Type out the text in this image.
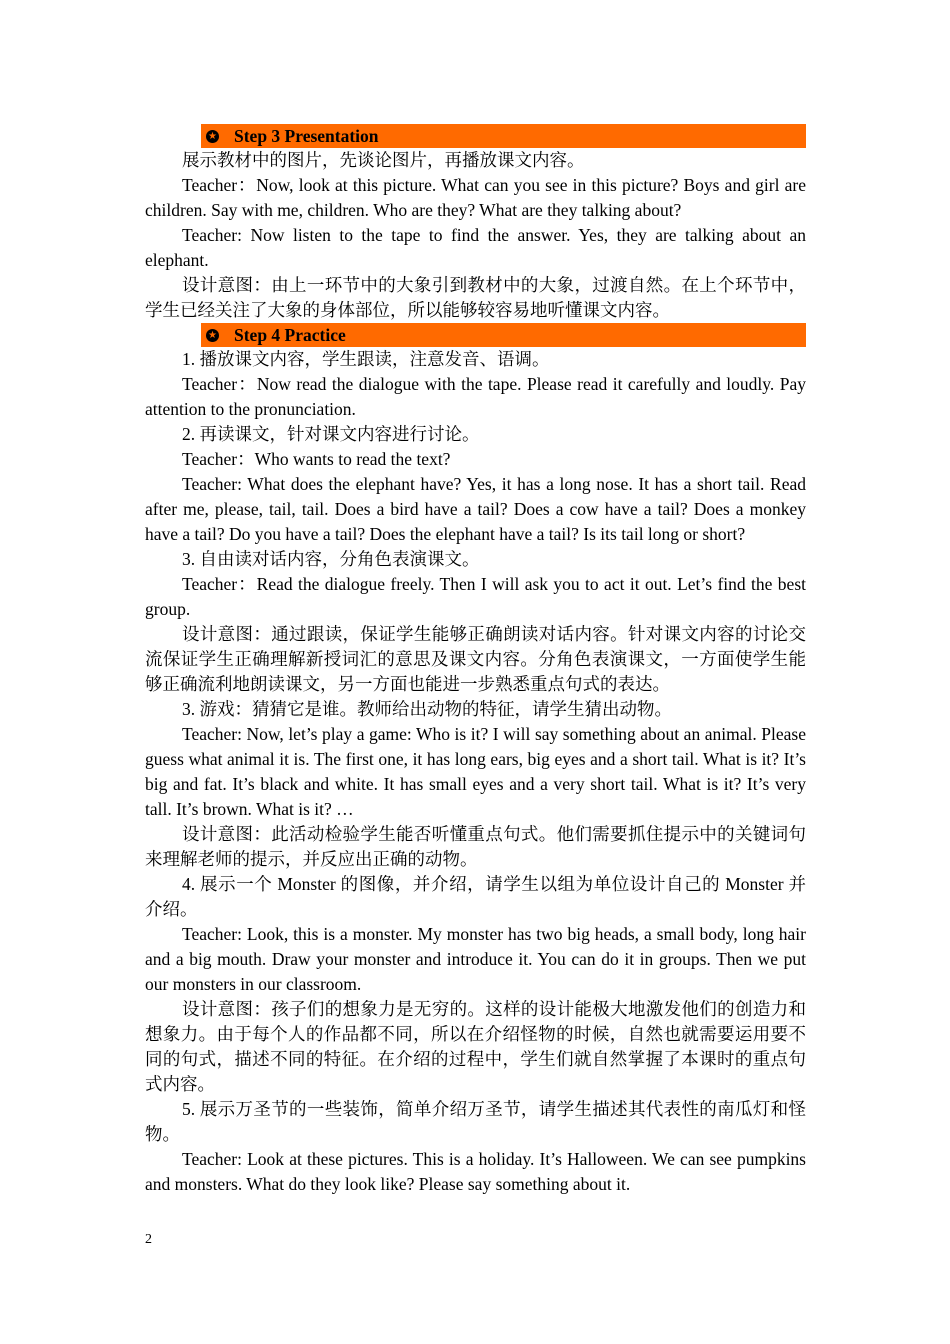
★ Step 3 Presentation

展示教材中的图片，先谈论图片，再播放课文内容。

Teacher：Now, look at this picture. What can you see in this picture? Boys and girl are children. Say with me, children. Who are they? What are they talking about?

Teacher: Now listen to the tape to find the answer. Yes, they are talking about an elephant.

设计意图：由上一环节中的大象引到教材中的大象，过渡自然。在上个环节中，学生已经关注了大象的身体部位，所以能够较容易地听懂课文内容。

★ Step 4 Practice

1. 播放课文内容，学生跟读，注意发音、语调。

Teacher：Now read the dialogue with the tape. Please read it carefully and loudly. Pay attention to the pronunciation.

2. 再读课文，针对课文内容进行讨论。

Teacher：Who wants to read the text?

Teacher: What does the elephant have? Yes, it has a long nose. It has a short tail. Read after me, please, tail, tail. Does a bird have a tail? Does a cow have a tail? Does a monkey have a tail? Do you have a tail? Does the elephant have a tail? Is its tail long or short?

3. 自由读对话内容，分角色表演课文。

Teacher：Read the dialogue freely. Then I will ask you to act it out. Let’s find the best group.

设计意图：通过跟读，保证学生能够正确朗读对话内容。针对课文内容的讨论交流保证学生正确理解新授词汇的意思及课文内容。分角色表演课文，一方面使学生能够正确流利地朗读课文，另一方面也能进一步熟悉重点句式的表达。

3. 游戏：猜猜它是谁。教师给出动物的特征，请学生猜出动物。

Teacher: Now, let’s play a game: Who is it? I will say something about an animal. Please guess what animal it is. The first one, it has long ears, big eyes and a short tail. What is it? It’s big and fat. It’s black and white. It has small eyes and a very short tail. What is it? It’s very tall. It’s brown. What is it? …

设计意图：此活动检验学生能否听懂重点句式。他们需要抓住提示中的关键词句来理解老师的提示，并反应出正确的动物。

4. 展示一个 Monster 的图像，并介绍，请学生以组为单位设计自己的 Monster 并介绍。

Teacher: Look, this is a monster. My monster has two big heads, a small body, long hair and a big mouth. Draw your monster and introduce it. You can do it in groups. Then we put our monsters in our classroom.

设计意图：孩子们的想象力是无穷的。这样的设计能极大地激发他们的创造力和想象力。由于每个人的作品都不同，所以在介绍怪物的时候，自然也就需要运用要不同的句式，描述不同的特征。在介绍的过程中，学生们就自然掌握了本课时的重点句式内容。

5. 展示万圣节的一些装饰，简单介绍万圣节，请学生描述其代表性的南瓜灯和怪物。

Teacher: Look at these pictures. This is a holiday. It’s Halloween. We can see pumpkins and monsters. What do they look like? Please say something about it.

2
